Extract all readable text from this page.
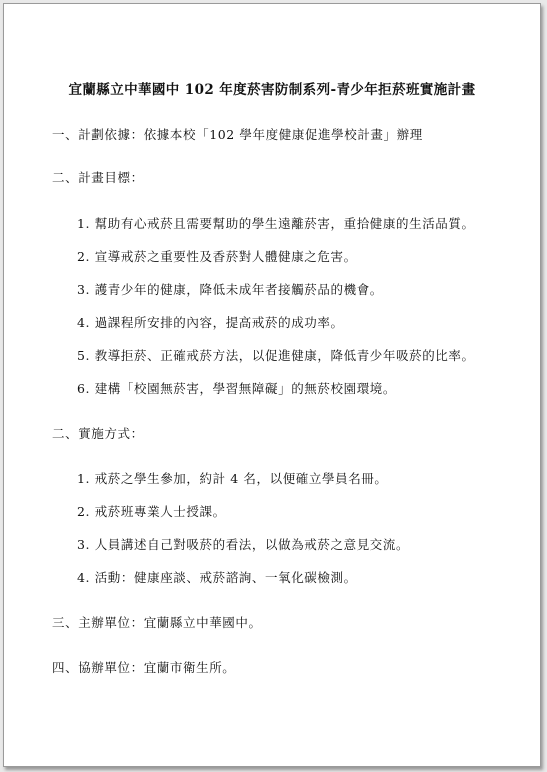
宜蘭縣立中華國中 102 年度菸害防制系列-青少年拒菸班實施計畫
一、計劃依據：依據本校「102 學年度健康促進學校計畫」辦理
二、計畫目標：
1. 幫助有心戒菸且需要幫助的學生遠離菸害，重拾健康的生活品質。
2. 宣導戒菸之重要性及香菸對人體健康之危害。
3. 護青少年的健康，降低未成年者接觸菸品的機會。
4. 過課程所安排的內容，提高戒菸的成功率。
5. 教導拒菸、正確戒菸方法，以促進健康，降低青少年吸菸的比率。
6. 建構「校園無菸害，學習無障礙」的無菸校園環境。
二、實施方式：
1. 戒菸之學生參加，約計 4 名，以便確立學員名冊。
2. 戒菸班專業人士授課。
3. 人員講述自己對吸菸的看法，以做為戒菸之意見交流。
4. 活動：健康座談、戒菸諮詢、一氧化碳檢測。
三、主辦單位：宜蘭縣立中華國中。
四、協辦單位：宜蘭市衛生所。
